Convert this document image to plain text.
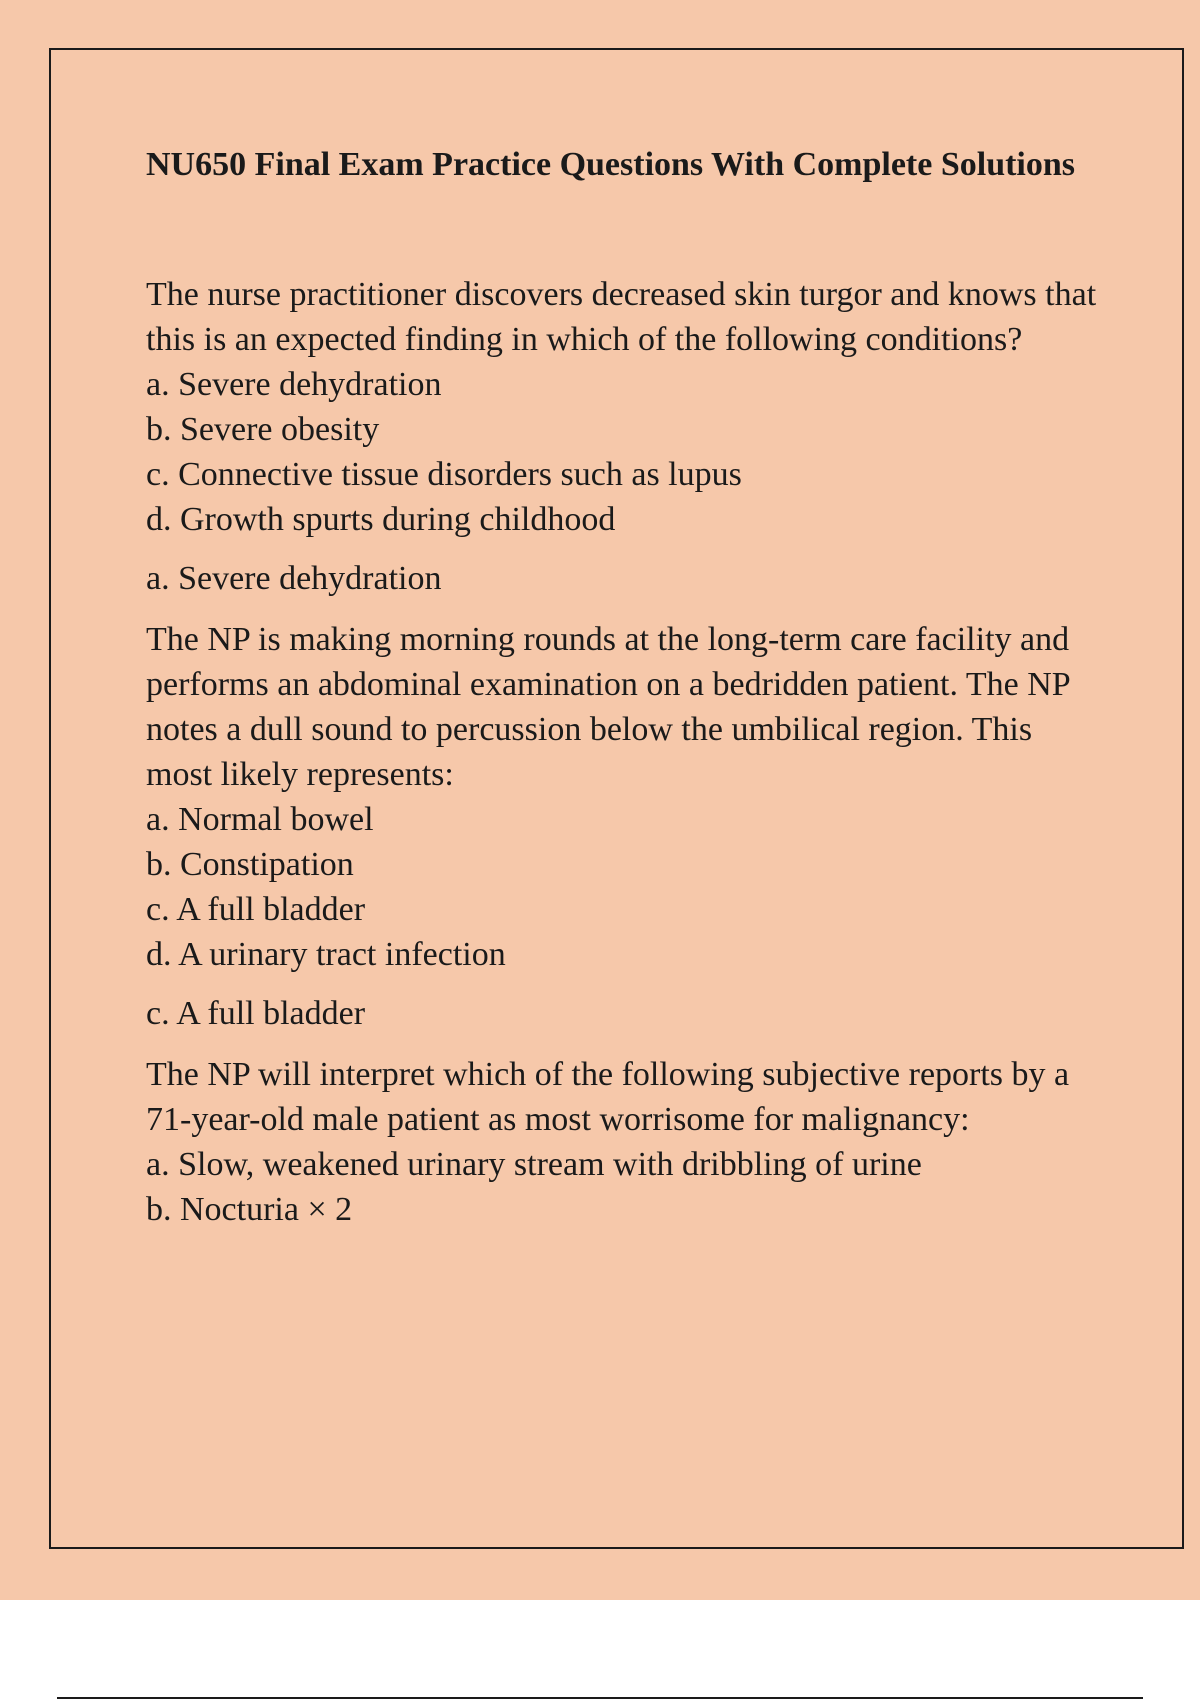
NU650 Final Exam Practice Questions With Complete Solutions

The nurse practitioner discovers decreased skin turgor and knows that this is an expected finding in which of the following conditions?

a. Severe dehydration

b. Severe obesity

c. Connective tissue disorders such as lupus

d. Growth spurts during childhood

a. Severe dehydration

The NP is making morning rounds at the long-term care facility and performs an abdominal examination on a bedridden patient. The NP notes a dull sound to percussion below the umbilical region. This most likely represents:

a. Normal bowel

b. Constipation

c. A full bladder

d. A urinary tract infection

c. A full bladder

The NP will interpret which of the following subjective reports by a 71-year-old male patient as most worrisome for malignancy:

a. Slow, weakened urinary stream with dribbling of urine

b. Nocturia × 2
